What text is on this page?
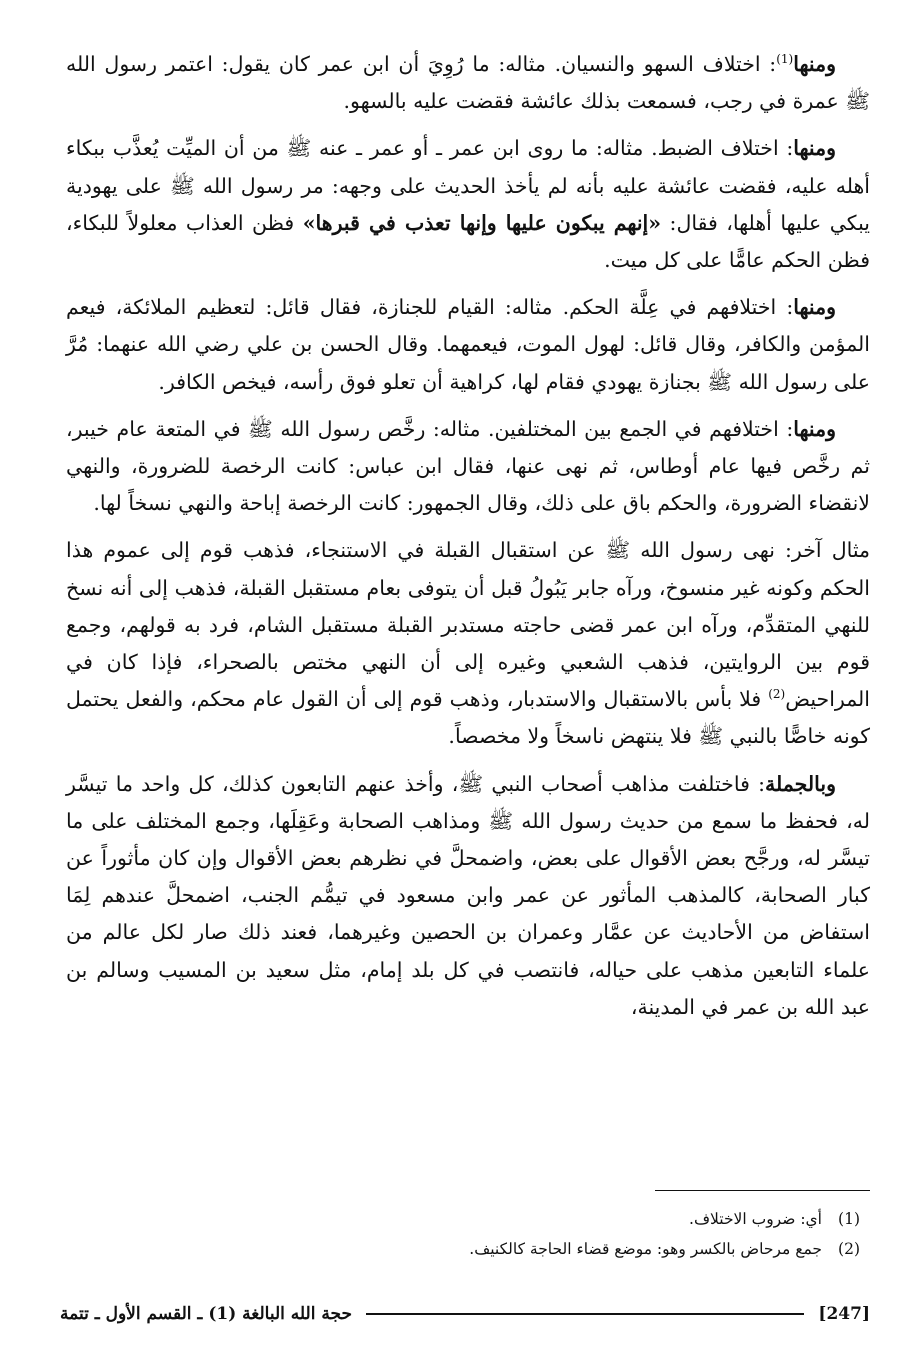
ومنها$^{(1)}$: اختلاف السهو والنسيان. مثاله: ما رُوِيَ أن ابن عمر كان يقول: اعتمر رسول الله ﷺ عمرة في رجب، فسمعت بذلك عائشة فقضت عليه بالسهو.

ومنها: اختلاف الضبط. مثاله: ما روى ابن عمر ـ أو عمر ـ عنه ﷺ من أن الميِّت يُعذَّب ببكاء أهله عليه، فقضت عائشة عليه بأنه لم يأخذ الحديث على وجهه: مر رسول الله ﷺ على يهودية يبكي عليها أهلها، فقال: «إنهم يبكون عليها وإنها تعذب في قبرها» فظن العذاب معلولاً للبكاء، فظن الحكم عامًّا على كل ميت.

ومنها: اختلافهم في عِلَّة الحكم. مثاله: القيام للجنازة، فقال قائل: لتعظيم الملائكة، فيعم المؤمن والكافر، وقال قائل: لهول الموت، فيعمهما. وقال الحسن بن علي رضي الله عنهما: مُرَّ على رسول الله ﷺ بجنازة يهودي فقام لها، كراهية أن تعلو فوق رأسه، فيخص الكافر.

ومنها: اختلافهم في الجمع بين المختلفين. مثاله: رخَّص رسول الله ﷺ في المتعة عام خيبر، ثم رخَّص فيها عام أوطاس، ثم نهى عنها، فقال ابن عباس: كانت الرخصة للضرورة، والنهي لانقضاء الضرورة، والحكم باق على ذلك، وقال الجمهور: كانت الرخصة إباحة والنهي نسخاً لها.

مثال آخر: نهى رسول الله ﷺ عن استقبال القبلة في الاستنجاء، فذهب قوم إلى عموم هذا الحكم وكونه غير منسوخ، ورآه جابر يَبُولُ قبل أن يتوفى بعام مستقبل القبلة، فذهب إلى أنه نسخ للنهي المتقدِّم، ورآه ابن عمر قضى حاجته مستدبر القبلة مستقبل الشام، فرد به قولهم، وجمع قوم بين الروايتين، فذهب الشعبي وغيره إلى أن النهي مختص بالصحراء، فإذا كان في المراحيض$^{(2)}$ فلا بأس بالاستقبال والاستدبار، وذهب قوم إلى أن القول عام محكم، والفعل يحتمل كونه خاصًّا بالنبي ﷺ فلا ينتهض ناسخاً ولا مخصصاً.

وبالجملة: فاختلفت مذاهب أصحاب النبي ﷺ، وأخذ عنهم التابعون كذلك، كل واحد ما تيسَّر له، فحفظ ما سمع من حديث رسول الله ﷺ ومذاهب الصحابة وعَقِلَها، وجمع المختلف على ما تيسَّر له، ورجَّح بعض الأقوال على بعض، واضمحلَّ في نظرهم بعض الأقوال وإن كان مأثوراً عن كبار الصحابة، كالمذهب المأثور عن عمر وابن مسعود في تيمُّم الجنب، اضمحلَّ عندهم لِمَا استفاض من الأحاديث عن عمَّار وعمران بن الحصين وغيرهما، فعند ذلك صار لكل عالم من علماء التابعين مذهب على حياله، فانتصب في كل بلد إمام، مثل سعيد بن المسيب وسالم بن عبد الله بن عمر في المدينة،

(1)
أي: ضروب الاختلاف.
(2)
جمع مرحاض بالكسر وهو: موضع قضاء الحاجة كالكنيف.
[247]
حجة الله البالغة (1) ـ القسم الأول ـ تتمة
